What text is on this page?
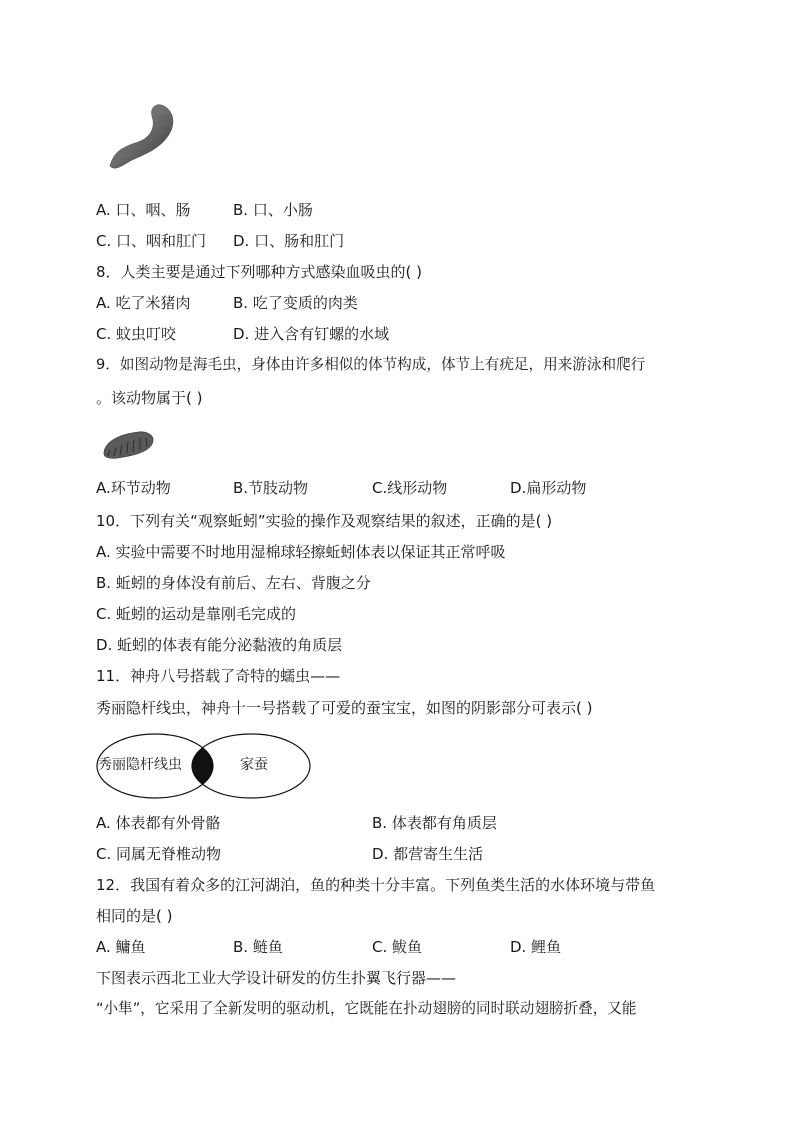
A. 口、咽、肠	B. 口、小肠
C. 口、咽和肛门 D. 口、肠和肛门
8．人类主要是通过下列哪种方式感染血吸虫的( )
A. 吃了米猪肉	B. 吃了变质的肉类
C. 蚊虫叮咬	D. 进入含有钉螺的水域
9．如图动物是海毛虫，身体由许多相似的体节构成，体节上有疣足，用来游泳和爬行
。该动物属于( )
A.环节动物	B.节肢动物	C.线形动物	D.扁形动物
10．下列有关“观察蚯蚓”实验的操作及观察结果的叙述，正确的是( )
A. 实验中需要不时地用湿棉球轻擦蚯蚓体表以保证其正常呼吸
B. 蚯蚓的身体没有前后、左右、背腹之分
C. 蚯蚓的运动是靠刚毛完成的
D. 蚯蚓的体表有能分泌黏液的角质层
11．神舟八号搭载了奇特的蠕虫——
秀丽隐杆线虫，神舟十一号搭载了可爱的蚕宝宝，如图的阴影部分可表示( )
秀丽隐杆线虫	家蚕
A. 体表都有外骨骼	B. 体表都有角质层
C. 同属无脊椎动物	D. 都营寄生生活
12．我国有着众多的江河湖泊，鱼的种类十分丰富。下列鱼类生活的水体环境与带鱼
相同的是( )
A. 鳙鱼	B. 鲢鱼	C. 鲅鱼	D. 鲤鱼
下图表示西北工业大学设计研发的仿生扑翼飞行器——
“小隼”，它采用了全新发明的驱动机，它既能在扑动翅膀的同时联动翅膀折叠，又能
